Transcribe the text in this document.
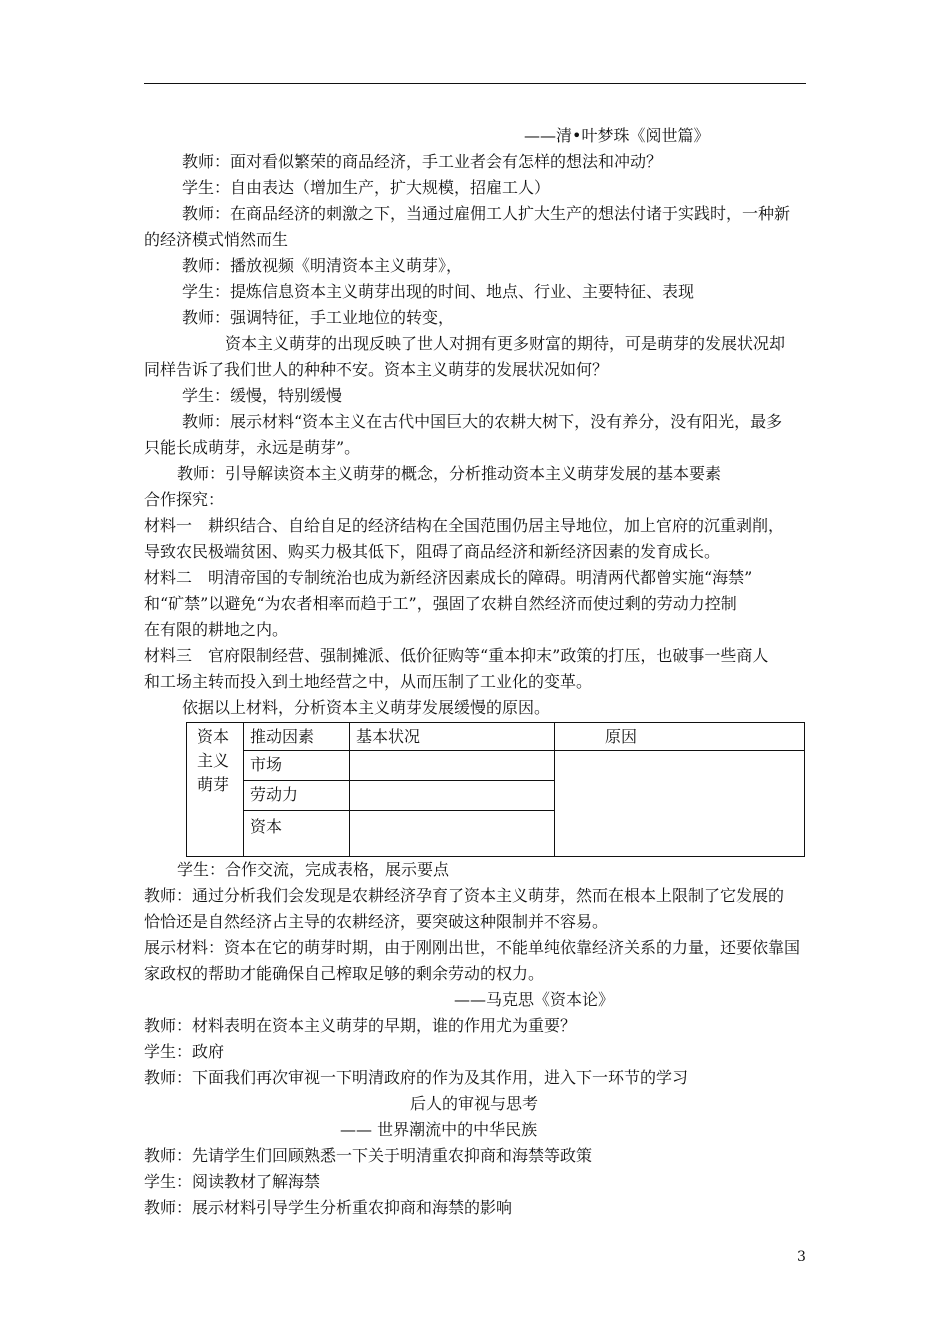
——清•叶梦珠《阅世篇》
教师：面对看似繁荣的商品经济，手工业者会有怎样的想法和冲动？
学生：自由表达（增加生产，扩大规模，招雇工人）
教师：在商品经济的刺激之下，当通过雇佣工人扩大生产的想法付诸于实践时，一种新
的经济模式悄然而生
教师：播放视频《明清资本主义萌芽》，
学生：提炼信息资本主义萌芽出现的时间、地点、行业、主要特征、表现
教师：强调特征，手工业地位的转变，
资本主义萌芽的出现反映了世人对拥有更多财富的期待，可是萌芽的发展状况却
同样告诉了我们世人的种种不安。资本主义萌芽的发展状况如何？
学生：缓慢，特别缓慢
教师：展示材料“资本主义在古代中国巨大的农耕大树下，没有养分，没有阳光，最多
只能长成萌芽，永远是萌芽”。
教师：引导解读资本主义萌芽的概念，分析推动资本主义萌芽发展的基本要素
合作探究：
材料一　耕织结合、自给自足的经济结构在全国范围仍居主导地位，加上官府的沉重剥削，
导致农民极端贫困、购买力极其低下，阻碍了商品经济和新经济因素的发育成长。
材料二　明清帝国的专制统治也成为新经济因素成长的障碍。明清两代都曾实施“海禁”
和“矿禁”以避免“为农者相率而趋于工”，强固了农耕自然经济而使过剩的劳动力控制
在有限的耕地之内。
材料三　官府限制经营、强制摊派、低价征购等“重本抑末”政策的打压，也破事一些商人
和工场主转而投入到土地经营之中，从而压制了工业化的变革。
依据以上材料，分析资本主义萌芽发展缓慢的原因。
资本
主义
萌芽	推动因素	基本状况	原因
	市场		
	劳动力		
	资本		
学生：合作交流，完成表格，展示要点
教师：通过分析我们会发现是农耕经济孕育了资本主义萌芽，然而在根本上限制了它发展的
恰恰还是自然经济占主导的农耕经济，要突破这种限制并不容易。
展示材料：资本在它的萌芽时期，由于刚刚出世，不能单纯依靠经济关系的力量，还要依靠国
家政权的帮助才能确保自己榨取足够的剩余劳动的权力。
——马克思《资本论》
教师：材料表明在资本主义萌芽的早期，谁的作用尤为重要？
学生：政府
教师：下面我们再次审视一下明清政府的作为及其作用，进入下一环节的学习
后人的审视与思考
—— 世界潮流中的中华民族
教师：先请学生们回顾熟悉一下关于明清重农抑商和海禁等政策
学生：阅读教材了解海禁
教师：展示材料引导学生分析重农抑商和海禁的影响
3
